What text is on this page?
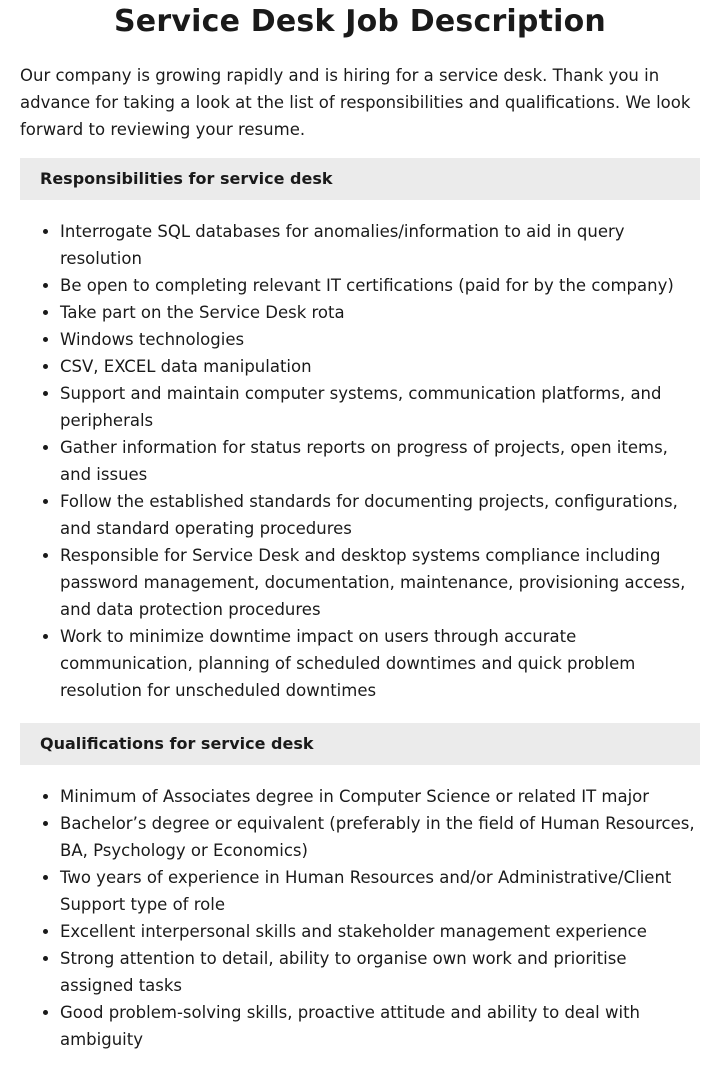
Service Desk Job Description

Our company is growing rapidly and is hiring for a service desk. Thank you in advance for taking a look at the list of responsibilities and qualifications. We look forward to reviewing your resume.

Responsibilities for service desk
• Interrogate SQL databases for anomalies/information to aid in query resolution
• Be open to completing relevant IT certifications (paid for by the company)
• Take part on the Service Desk rota
• Windows technologies
• CSV, EXCEL data manipulation
• Support and maintain computer systems, communication platforms, and peripherals
• Gather information for status reports on progress of projects, open items, and issues
• Follow the established standards for documenting projects, configurations, and standard operating procedures
• Responsible for Service Desk and desktop systems compliance including password management, documentation, maintenance, provisioning access, and data protection procedures
• Work to minimize downtime impact on users through accurate communication, planning of scheduled downtimes and quick problem resolution for unscheduled downtimes
Qualifications for service desk
• Minimum of Associates degree in Computer Science or related IT major
• Bachelor’s degree or equivalent (preferably in the field of Human Resources, BA, Psychology or Economics)
• Two years of experience in Human Resources and/or Administrative/Client Support type of role
• Excellent interpersonal skills and stakeholder management experience
• Strong attention to detail, ability to organise own work and prioritise assigned tasks
• Good problem-solving skills, proactive attitude and ability to deal with ambiguity
